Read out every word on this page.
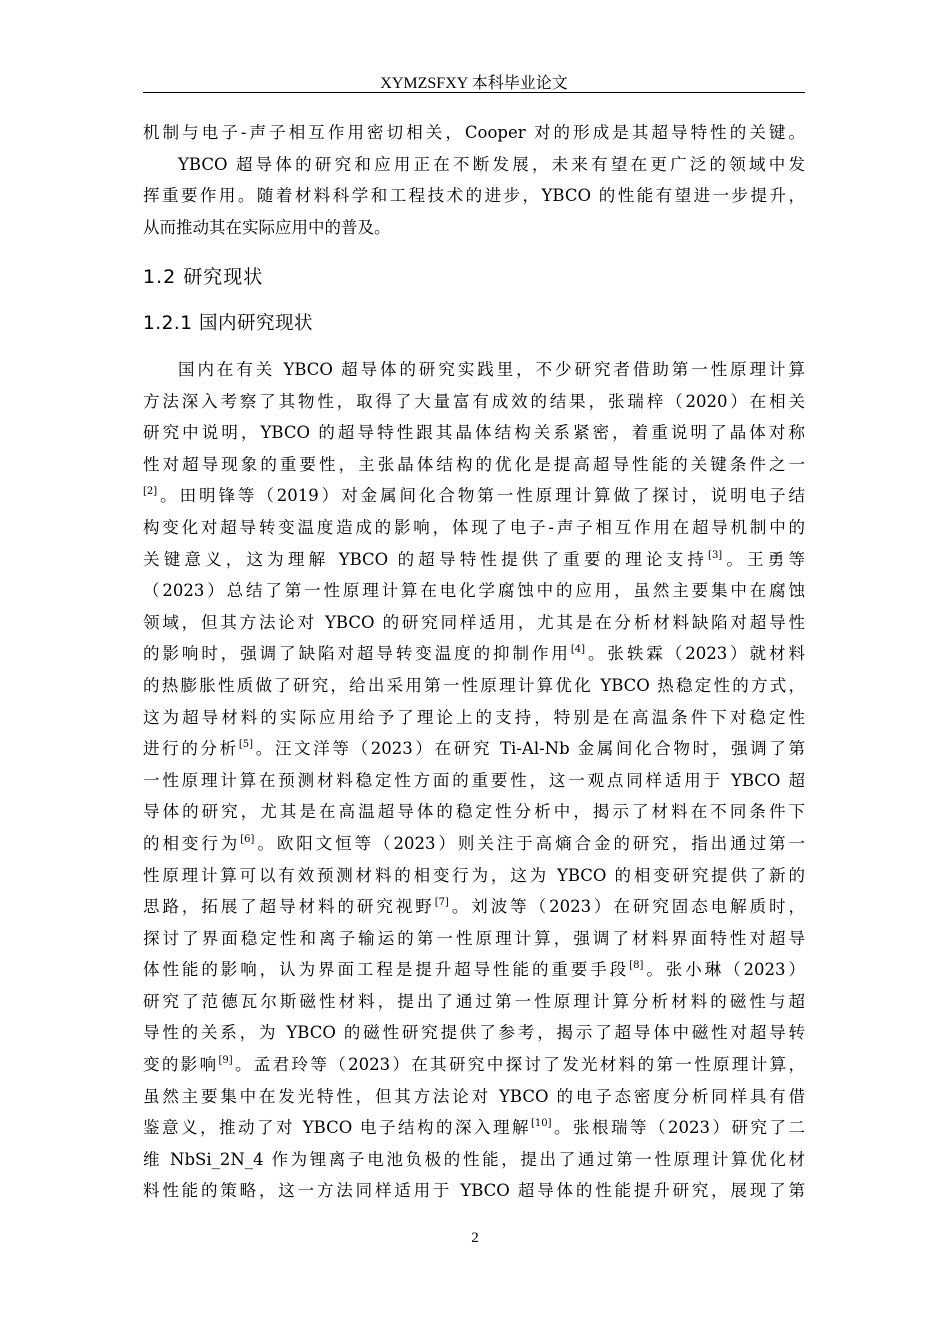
XYMZSFXY 本科毕业论文
机制与电子-声子相互作用密切相关，Cooper 对的形成是其超导特性的关键。
YBCO 超导体的研究和应用正在不断发展，未来有望在更广泛的领域中发
挥重要作用。随着材料科学和工程技术的进步，YBCO 的性能有望进一步提升，
从而推动其在实际应用中的普及。
1.2 研究现状
1.2.1 国内研究现状
国内在有关 YBCO 超导体的研究实践里，不少研究者借助第一性原理计算
方法深入考察了其物性，取得了大量富有成效的结果，张瑞梓（2020）在相关
研究中说明，YBCO 的超导特性跟其晶体结构关系紧密，着重说明了晶体对称
性对超导现象的重要性，主张晶体结构的优化是提高超导性能的关键条件之一
[2]。田明锋等（2019）对金属间化合物第一性原理计算做了探讨，说明电子结
构变化对超导转变温度造成的影响，体现了电子-声子相互作用在超导机制中的
关键意义，这为理解 YBCO 的超导特性提供了重要的理论支持[3]。王勇等
（2023）总结了第一性原理计算在电化学腐蚀中的应用，虽然主要集中在腐蚀
领域，但其方法论对 YBCO 的研究同样适用，尤其是在分析材料缺陷对超导性
的影响时，强调了缺陷对超导转变温度的抑制作用[4]。张轶霖（2023）就材料
的热膨胀性质做了研究，给出采用第一性原理计算优化 YBCO 热稳定性的方式，
这为超导材料的实际应用给予了理论上的支持，特别是在高温条件下对稳定性
进行的分析[5]。汪文洋等（2023）在研究 Ti-Al-Nb 金属间化合物时，强调了第
一性原理计算在预测材料稳定性方面的重要性，这一观点同样适用于 YBCO 超
导体的研究，尤其是在高温超导体的稳定性分析中，揭示了材料在不同条件下
的相变行为[6]。欧阳文恒等（2023）则关注于高熵合金的研究，指出通过第一
性原理计算可以有效预测材料的相变行为，这为 YBCO 的相变研究提供了新的
思路，拓展了超导材料的研究视野[7]。刘波等（2023）在研究固态电解质时，
探讨了界面稳定性和离子输运的第一性原理计算，强调了材料界面特性对超导
体性能的影响，认为界面工程是提升超导性能的重要手段[8]。张小琳（2023）
研究了范德瓦尔斯磁性材料，提出了通过第一性原理计算分析材料的磁性与超
导性的关系，为 YBCO 的磁性研究提供了参考，揭示了超导体中磁性对超导转
变的影响[9]。孟君玲等（2023）在其研究中探讨了发光材料的第一性原理计算，
虽然主要集中在发光特性，但其方法论对 YBCO 的电子态密度分析同样具有借
鉴意义，推动了对 YBCO 电子结构的深入理解[10]。张根瑞等（2023）研究了二
维 NbSi_2N_4 作为锂离子电池负极的性能，提出了通过第一性原理计算优化材
料性能的策略，这一方法同样适用于 YBCO 超导体的性能提升研究，展现了第
2
